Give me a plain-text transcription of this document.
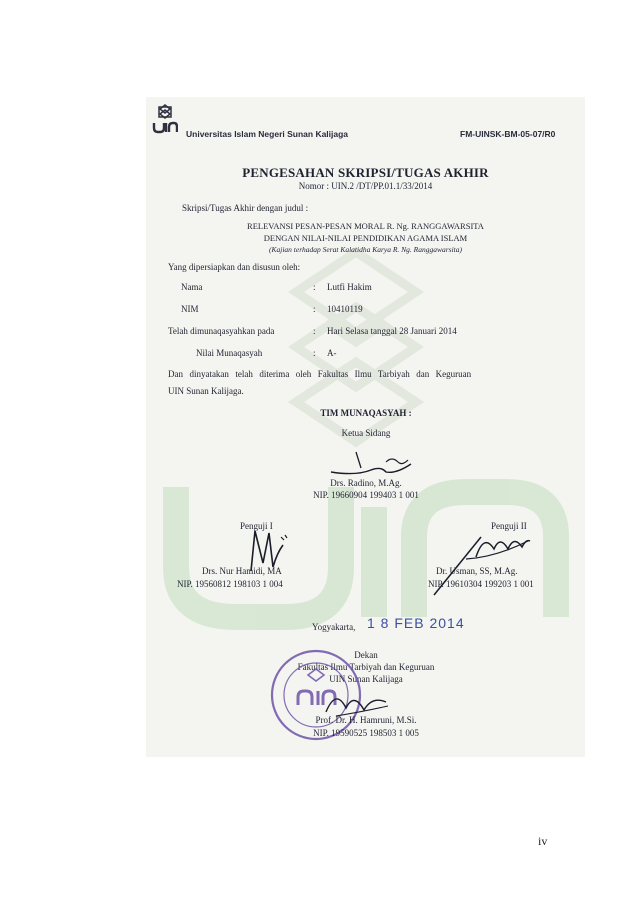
Universitas Islam Negeri Sunan Kalijaga	FM-UINSK-BM-05-07/R0
PENGESAHAN SKRIPSI/TUGAS AKHIR
Nomor : UIN.2 /DT/PP.01.1/33/2014
Skripsi/Tugas Akhir dengan judul :
RELEVANSI PESAN-PESAN MORAL R. Ng. RANGGAWARSITA
DENGAN NILAI-NILAI PENDIDIKAN AGAMA ISLAM
(Kajian terhadap Serat Kalatidha Karya R. Ng. Ranggawarsita)
Yang dipersiapkan dan disusun oleh:
Nama	: Lutfi Hakim
NIM	: 10410119
Telah dimunaqasyahkan pada	: Hari Selasa tanggal 28 Januari 2014
Nilai Munaqasyah	: A-
Dan dinyatakan telah diterima oleh Fakultas Ilmu Tarbiyah dan Keguruan
UIN Sunan Kalijaga.
TIM MUNAQASYAH :
Ketua Sidang
Drs. Radino, M.Ag.
NIP. 19660904 199403 1 001
Penguji I
Drs. Nur Hamidi, MA
NIP. 19560812 198103 1 004
Penguji II
Dr. Usman, SS, M.Ag.
NIP. 19610304 199203 1 001
Yogyakarta, 1 8 FEB 2014
Dekan
Fakultas Ilmu Tarbiyah dan Keguruan
UIN Sunan Kalijaga
Prof. Dr. H. Hamruni, M.Si.
NIP. 19590525 198503 1 005
iv
